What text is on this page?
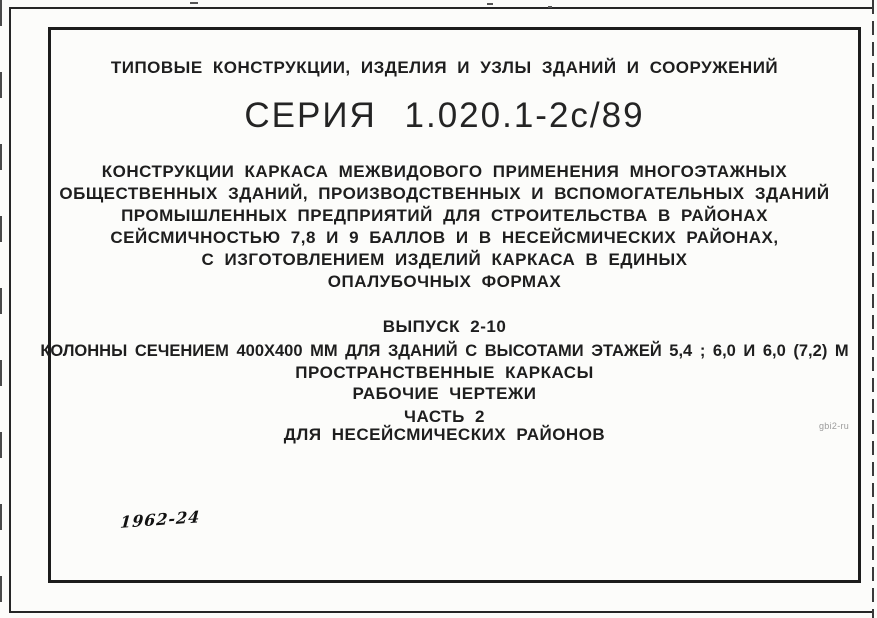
ТИПОВЫЕ КОНСТРУКЦИИ, ИЗДЕЛИЯ И УЗЛЫ ЗДАНИЙ И СООРУЖЕНИЙ
СЕРИЯ 1.020.1-2с/89
КОНСТРУКЦИИ КАРКАСА МЕЖВИДОВОГО ПРИМЕНЕНИЯ МНОГОЭТАЖНЫХ
ОБЩЕСТВЕННЫХ ЗДАНИЙ, ПРОИЗВОДСТВЕННЫХ И ВСПОМОГАТЕЛЬНЫХ ЗДАНИЙ
ПРОМЫШЛЕННЫХ ПРЕДПРИЯТИЙ ДЛЯ СТРОИТЕЛЬСТВА В РАЙОНАХ
СЕЙСМИЧНОСТЬЮ 7,8 И 9 БАЛЛОВ И В НЕСЕЙСМИЧЕСКИХ РАЙОНАХ,
С ИЗГОТОВЛЕНИЕМ ИЗДЕЛИЙ КАРКАСА В ЕДИНЫХ
ОПАЛУБОЧНЫХ ФОРМАХ
ВЫПУСК 2-10
КОЛОННЫ СЕЧЕНИЕМ 400Х400 ММ ДЛЯ ЗДАНИЙ С ВЫСОТАМИ ЭТАЖЕЙ 5,4 ; 6,0 И 6,0 (7,2) М
ПРОСТРАНСТВЕННЫЕ КАРКАСЫ
РАБОЧИЕ ЧЕРТЕЖИ
ЧАСТЬ 2
ДЛЯ НЕСЕЙСМИЧЕСКИХ РАЙОНОВ
1962-24
gbi2-ru
